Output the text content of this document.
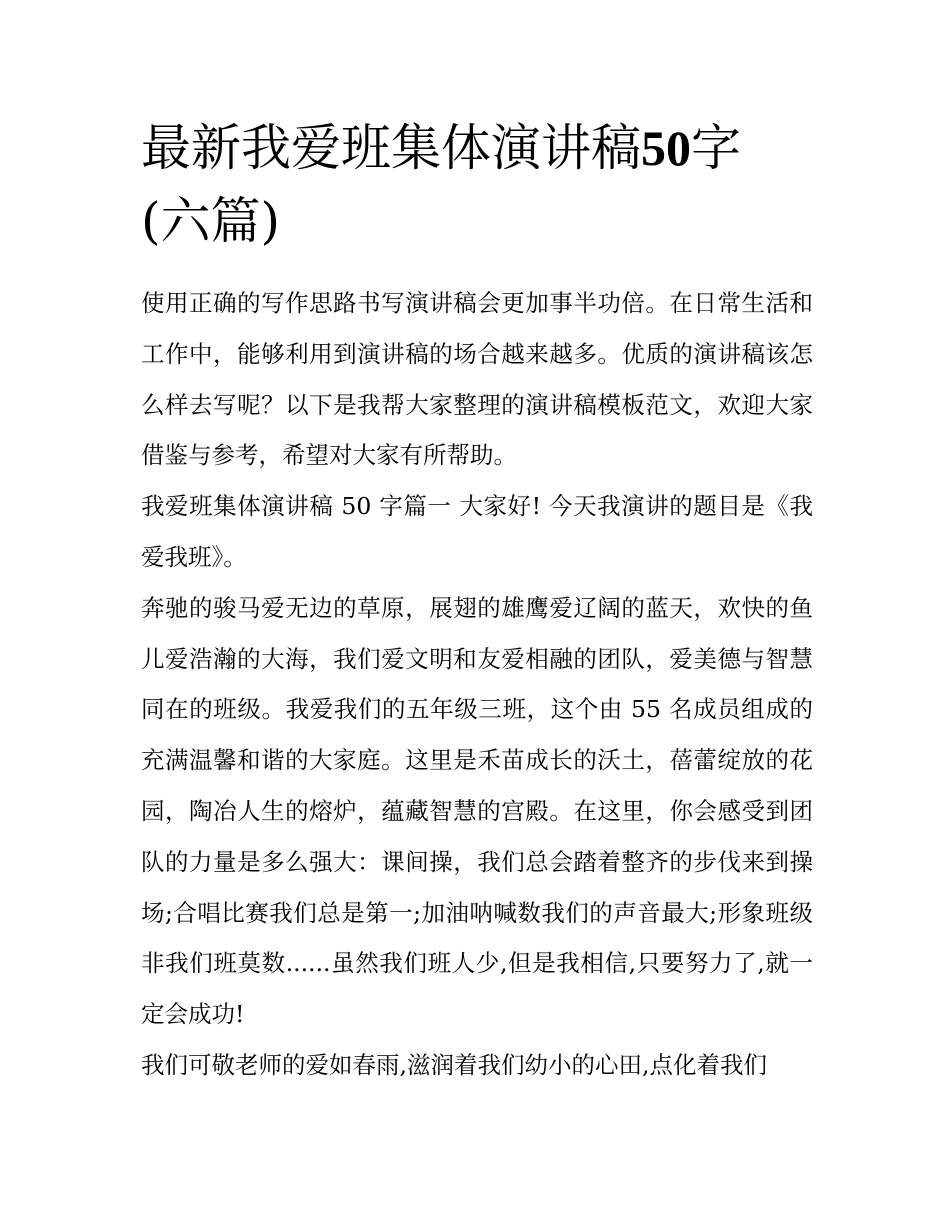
最新我爱班集体演讲稿50字
(六篇)

使用正确的写作思路书写演讲稿会更加事半功倍。在日常生活和工作中，能够利用到演讲稿的场合越来越多。优质的演讲稿该怎么样去写呢？以下是我帮大家整理的演讲稿模板范文，欢迎大家借鉴与参考，希望对大家有所帮助。

我爱班集体演讲稿 50 字篇一 大家好! 今天我演讲的题目是《我爱我班》。

奔驰的骏马爱无边的草原，展翅的雄鹰爱辽阔的蓝天，欢快的鱼儿爱浩瀚的大海，我们爱文明和友爱相融的团队，爱美德与智慧同在的班级。我爱我们的五年级三班，这个由 55 名成员组成的充满温馨和谐的大家庭。这里是禾苗成长的沃土，蓓蕾绽放的花园，陶冶人生的熔炉，蕴藏智慧的宫殿。在这里，你会感受到团队的力量是多么强大：课间操，我们总会踏着整齐的步伐来到操场;合唱比赛我们总是第一;加油呐喊数我们的声音最大;形象班级非我们班莫数......虽然我们班人少,但是我相信,只要努力了,就一定会成功!

我们可敬老师的爱如春雨,滋润着我们幼小的心田,点化着我们
